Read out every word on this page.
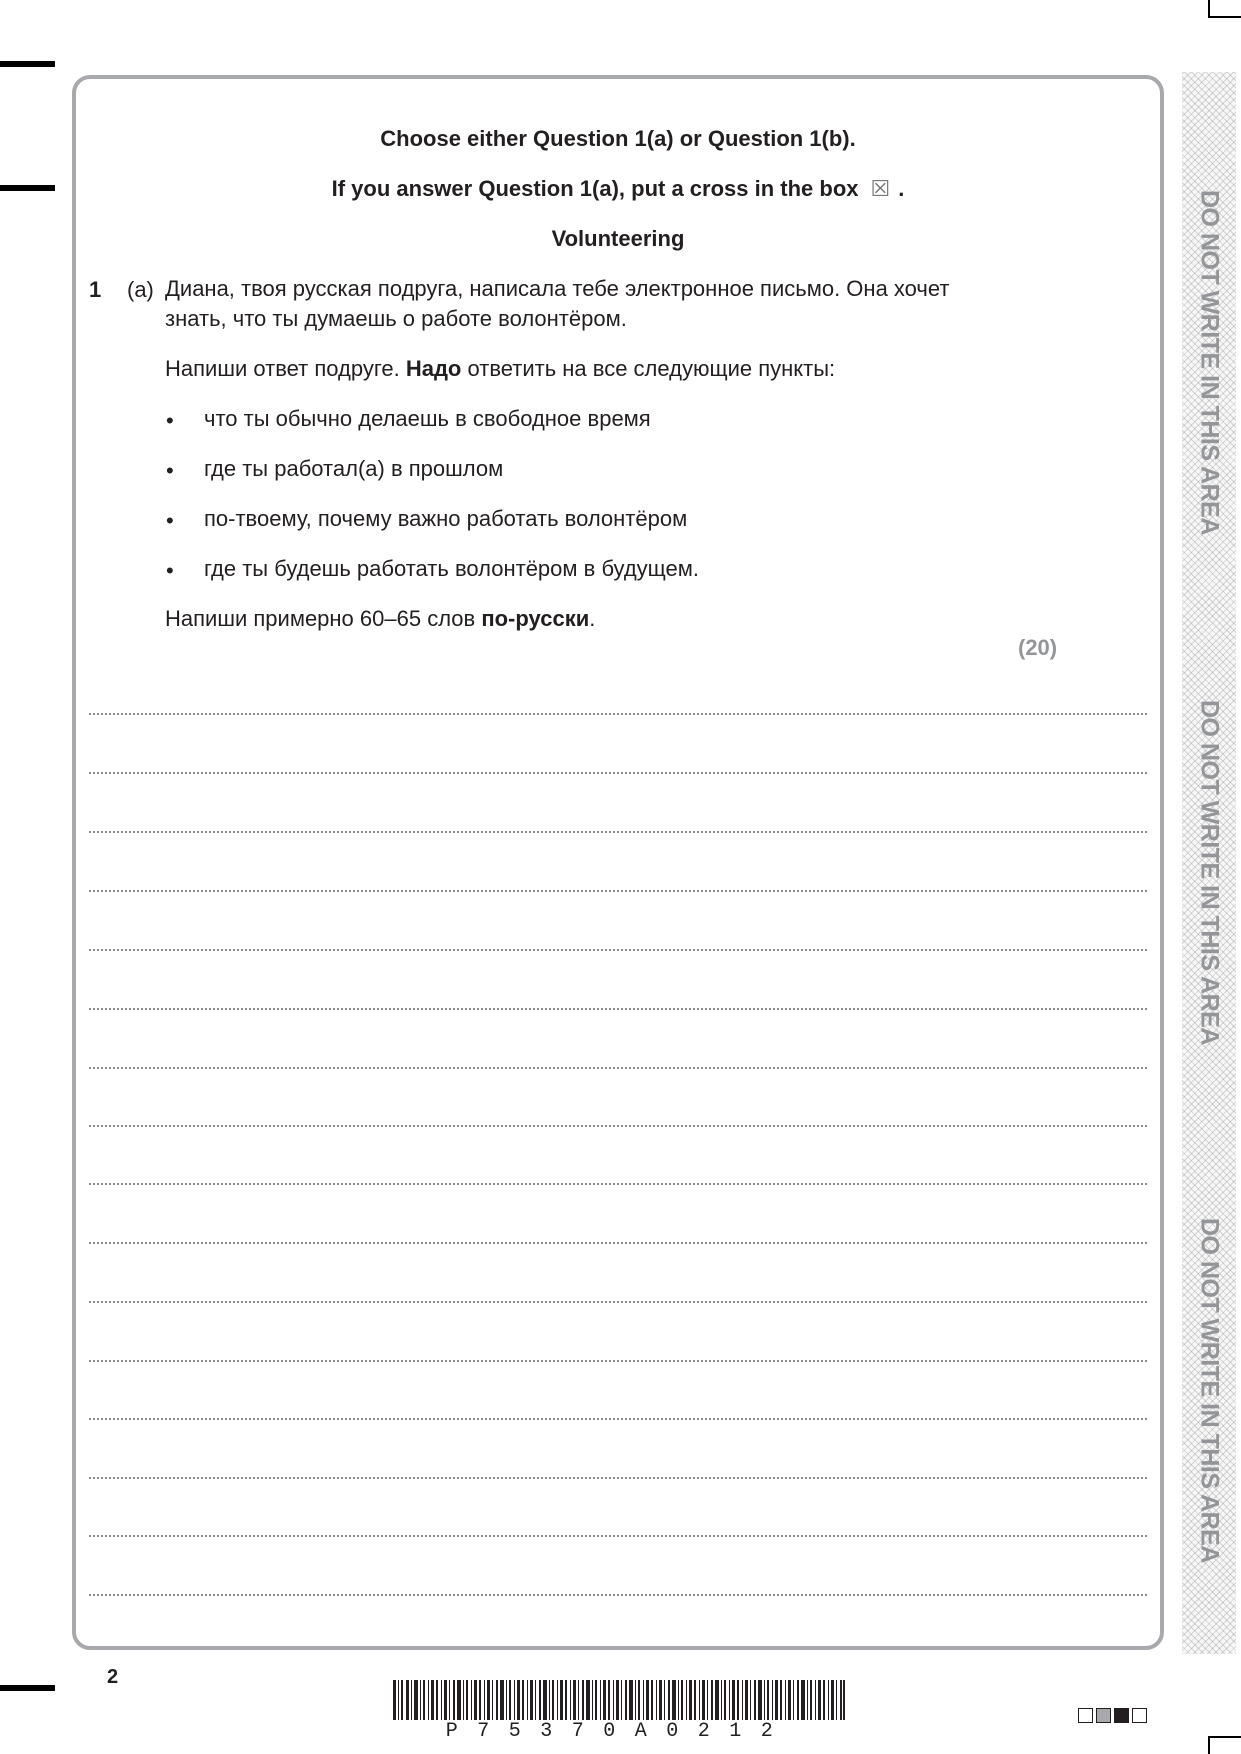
DO NOT WRITE IN THIS AREA
DO NOT WRITE IN THIS AREA
DO NOT WRITE IN THIS AREA
Choose either Question 1(a) or Question 1(b).
If you answer Question 1(a), put a cross in the box ☒ .
Volunteering
1 (a) Диана, твоя русская подруга, написала тебе электронное письмо. Она хочет
знать, что ты думаешь о работе волонтёром.
Напиши ответ подруге. Надо ответить на все следующие пункты:
• что ты обычно делаешь в свободное время
• где ты работал(а) в прошлом
• по-твоему, почему важно работать волонтёром
• где ты будешь работать волонтёром в будущем.
Напиши примерно 60–65 слов по-русски.
(20)
2
P75370A0212
